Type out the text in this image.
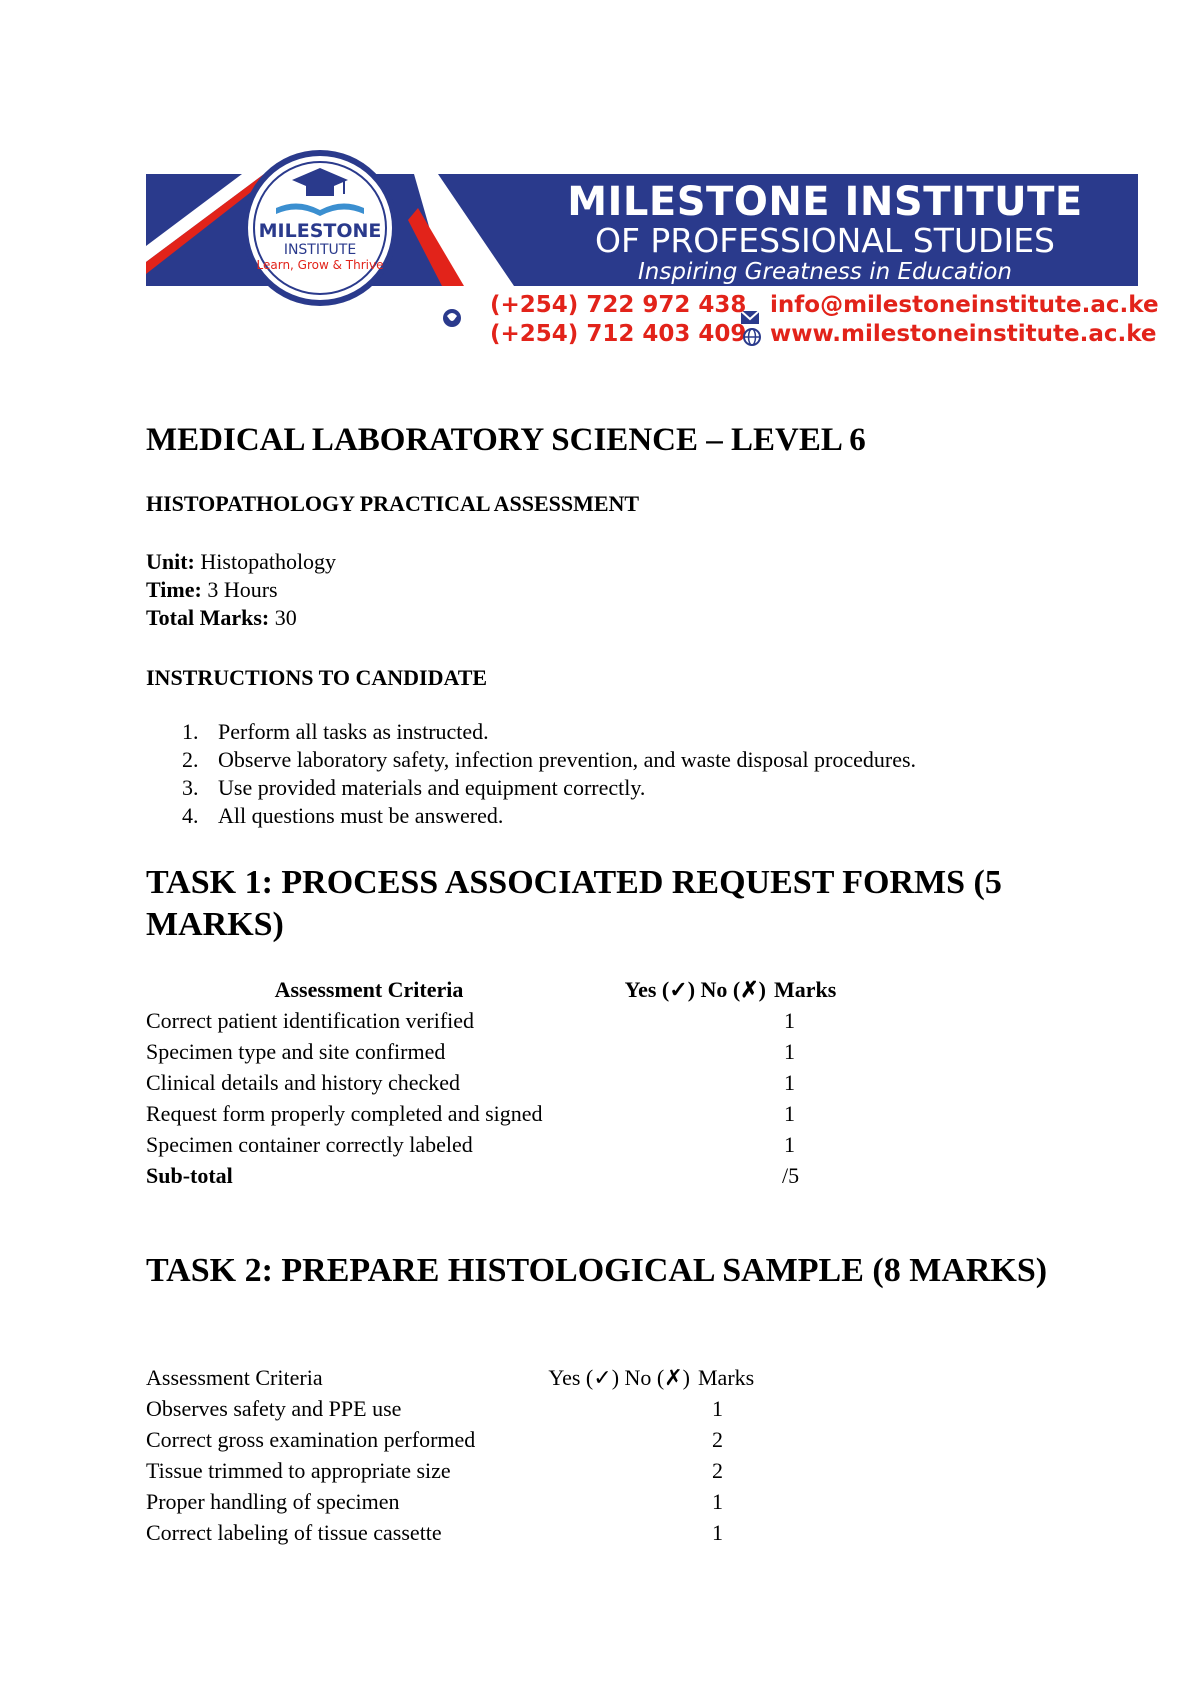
MILESTONE
INSTITUTE
Learn, Grow & Thrive
MILESTONE INSTITUTE
OF PROFESSIONAL STUDIES
Inspiring Greatness in Education
(+254) 722 972 438
(+254) 712 403 409
info@milestoneinstitute.ac.ke
www.milestoneinstitute.ac.ke
MEDICAL LABORATORY SCIENCE – LEVEL 6
HISTOPATHOLOGY PRACTICAL ASSESSMENT
Unit: Histopathology
Time: 3 Hours
Total Marks: 30
INSTRUCTIONS TO CANDIDATE
1. Perform all tasks as instructed.
2. Observe laboratory safety, infection prevention, and waste disposal procedures.
3. Use provided materials and equipment correctly.
4. All questions must be answered.
TASK 1: PROCESS ASSOCIATED REQUEST FORMS (5 MARKS)
Assessment Criteria	Yes (✓) No (✗)	Marks
Correct patient identification verified		1
Specimen type and site confirmed		1
Clinical details and history checked		1
Request form properly completed and signed		1
Specimen container correctly labeled		1
Sub-total		/5
TASK 2: PREPARE HISTOLOGICAL SAMPLE (8 MARKS)
Assessment Criteria	Yes (✓) No (✗)	Marks
Observes safety and PPE use		1
Correct gross examination performed		2
Tissue trimmed to appropriate size		2
Proper handling of specimen		1
Correct labeling of tissue cassette		1
